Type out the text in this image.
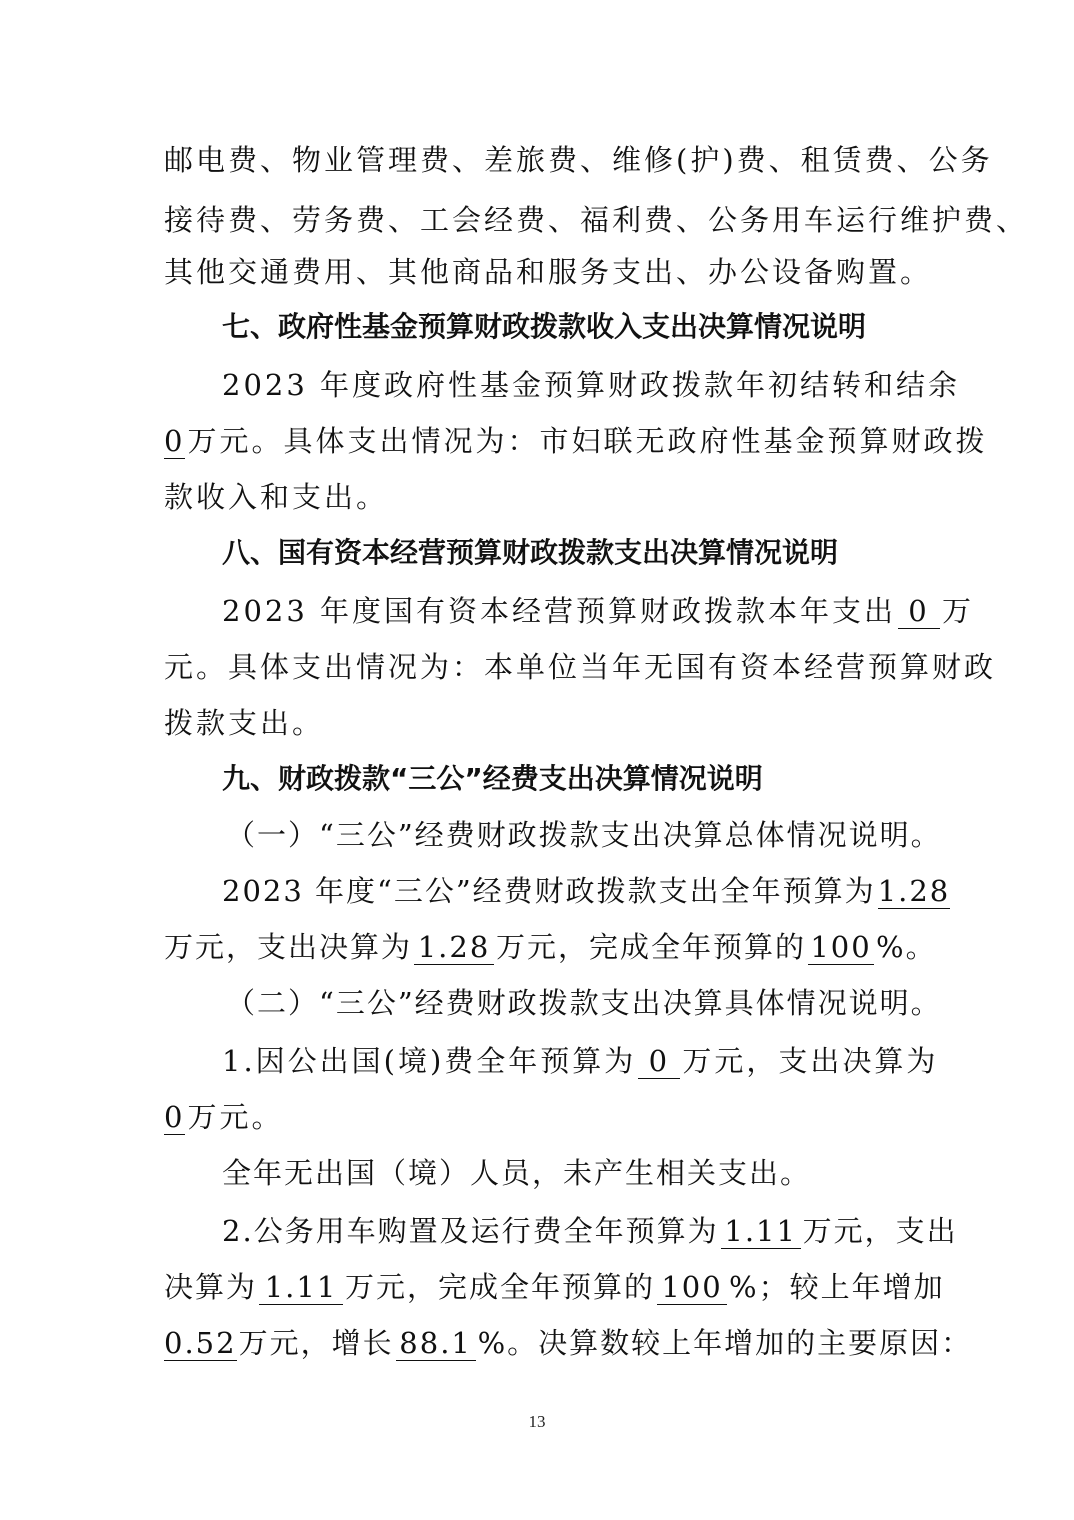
邮电费、物业管理费、差旅费、维修(护)费、租赁费、公务
接待费、劳务费、工会经费、福利费、公务用车运行维护费、
其他交通费用、其他商品和服务支出、办公设备购置。
七、政府性基金预算财政拨款收入支出决算情况说明
2023 年度政府性基金预算财政拨款年初结转和结余
0万元。具体支出情况为：市妇联无政府性基金预算财政拨
款收入和支出。
八、国有资本经营预算财政拨款支出决算情况说明
2023 年度国有资本经营预算财政拨款本年支出 0 万
元。具体支出情况为：本单位当年无国有资本经营预算财政
拨款支出。
九、财政拨款“三公”经费支出决算情况说明
（一）“三公”经费财政拨款支出决算总体情况说明。
2023 年度“三公”经费财政拨款支出全年预算为1.28
万元，支出决算为 1.28 万元，完成全年预算的 100 %。
（二）“三公”经费财政拨款支出决算具体情况说明。
1.因公出国(境)费全年预算为 0 万元，支出决算为
0万元。
全年无出国（境）人员，未产生相关支出。
2.公务用车购置及运行费全年预算为 1.11 万元，支出
决算为 1.11 万元，完成全年预算的 100 %；较上年增加
0.52万元，增长 88.1 %。决算数较上年增加的主要原因：
13
